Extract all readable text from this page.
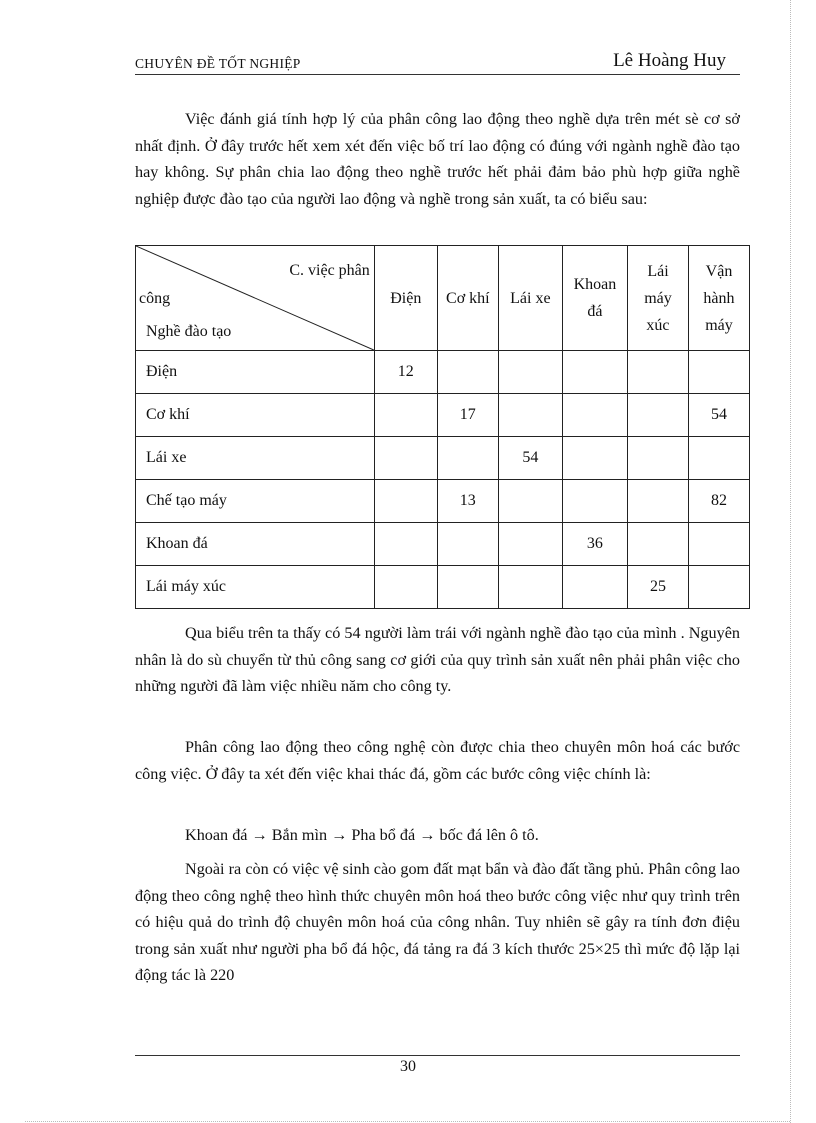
CHUYÊN ĐỀ TỐT NGHIỆP	Lê Hoàng Huy

Việc đánh giá tính hợp lý của phân công lao động theo nghề dựa trên mét sè cơ sở nhất định. Ở đây trước hết xem xét đến việc bố trí lao động có đúng với ngành nghề đào tạo hay không. Sự phân chia lao động theo nghề trước hết phải đảm bảo phù hợp giữa nghề nghiệp được đào tạo của người lao động và nghề trong sản xuất, ta có biểu sau:

C. việc phân
công
Nghề đào tạo	Điện	Cơ khí	Lái xe	Khoan đá	Lái máy xúc	Vận hành máy
Điện	12					
Cơ khí		17				54
Lái xe			54			
Chế tạo máy		13				82
Khoan đá				36		
Lái máy xúc					25	

Qua biểu trên ta thấy có 54 người làm trái với ngành nghề đào tạo của mình . Nguyên nhân là do sù chuyển từ thủ công sang cơ giới của quy trình sản xuất nên phải phân việc cho những người đã làm việc nhiều năm cho công ty.

Phân công lao động theo công nghệ còn được chia theo chuyên môn hoá các bước công việc. Ở đây ta xét đến việc khai thác đá, gồm các bước công việc chính là:

Khoan đá → Bắn mìn → Pha bổ đá → bốc đá lên ô tô.

Ngoài ra còn có việc vệ sinh cào gom đất mạt bẩn và đào đất tầng phủ. Phân công lao động theo công nghệ theo hình thức chuyên môn hoá theo bước công việc như quy trình trên có hiệu quả do trình độ chuyên môn hoá của công nhân. Tuy nhiên sẽ gây ra tính đơn điệu trong sản xuất như người pha bổ đá hộc, đá tảng ra đá 3 kích thước 25×25 thì mức độ lặp lại động tác là 220

30
